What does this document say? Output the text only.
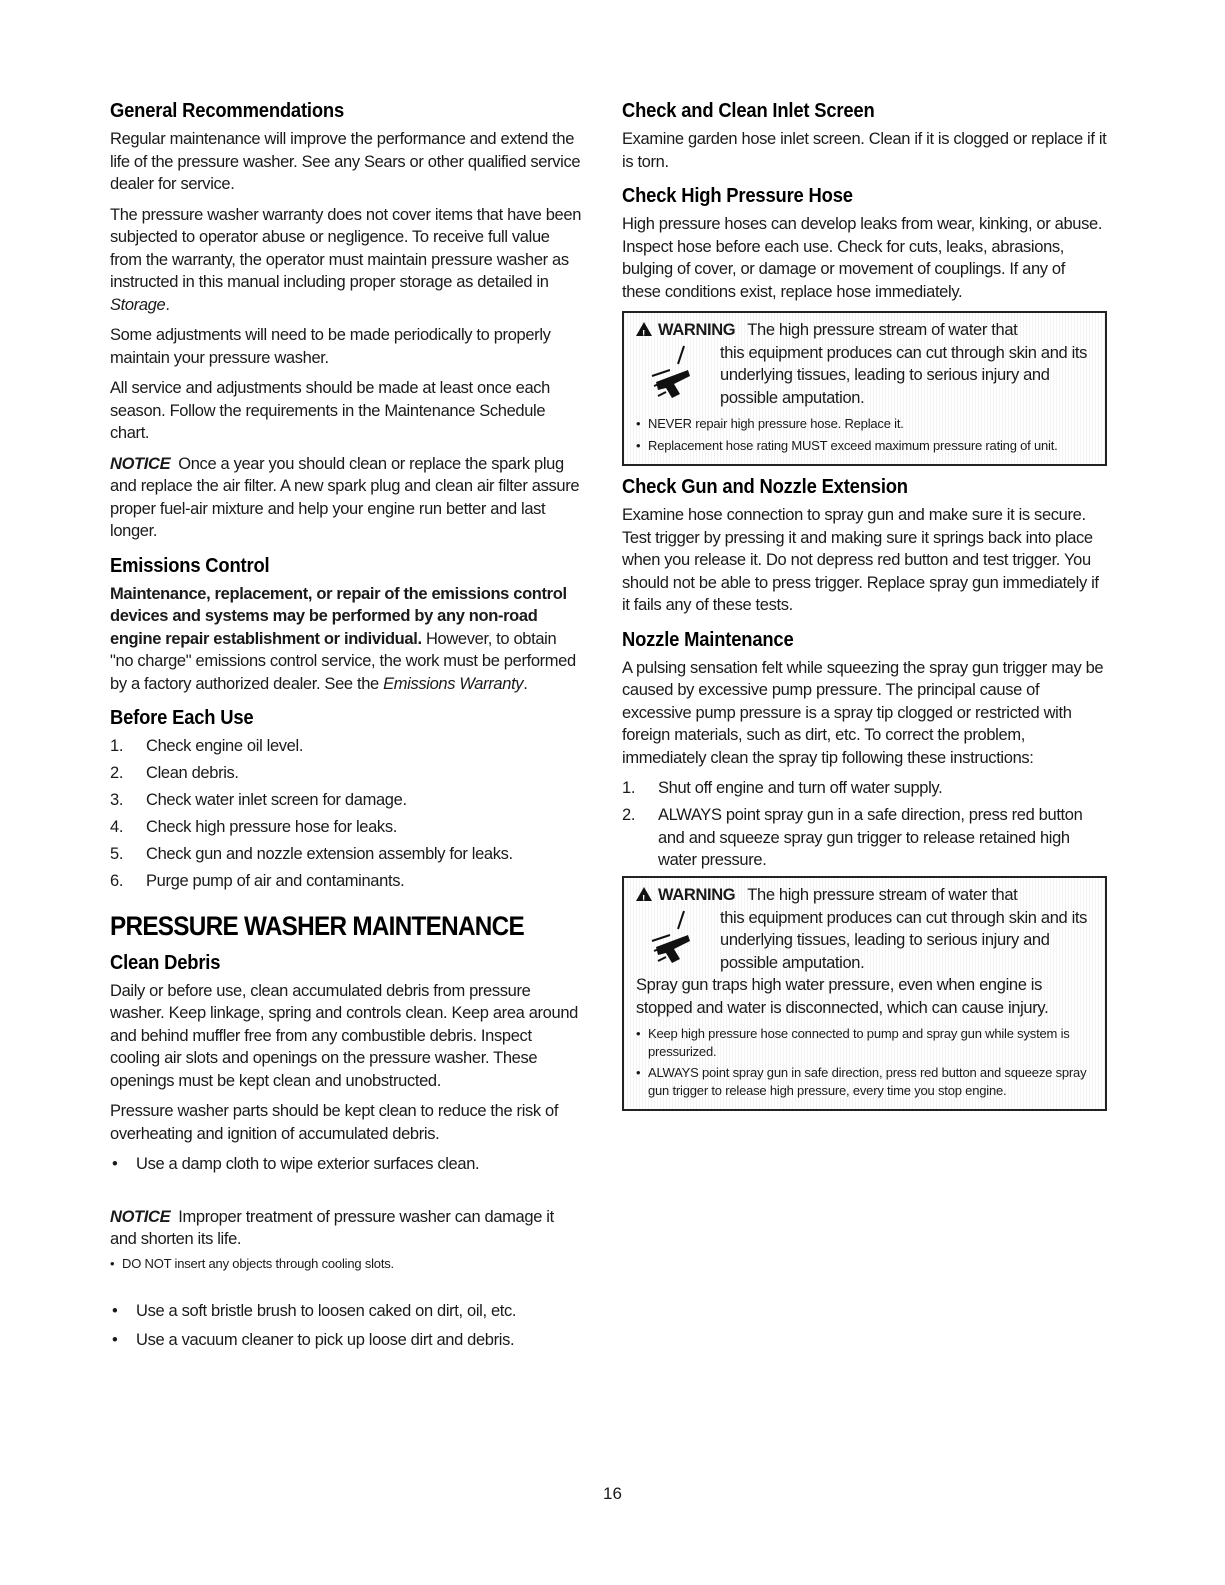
General Recommendations

Regular maintenance will improve the performance and extend the life of the pressure washer. See any Sears or other qualified service dealer for service.

The pressure washer warranty does not cover items that have been subjected to operator abuse or negligence. To receive full value from the warranty, the operator must maintain pressure washer as instructed in this manual including proper storage as detailed in Storage.

Some adjustments will need to be made periodically to properly maintain your pressure washer.

All service and adjustments should be made at least once each season. Follow the requirements in the Maintenance Schedule chart.

NOTICE Once a year you should clean or replace the spark plug and replace the air filter. A new spark plug and clean air filter assure proper fuel-air mixture and help your engine run better and last longer.

Emissions Control

Maintenance, replacement, or repair of the emissions control devices and systems may be performed by any non-road engine repair establishment or individual. However, to obtain "no charge" emissions control service, the work must be performed by a factory authorized dealer. See the Emissions Warranty.

Before Each Use
1. Check engine oil level.
2. Clean debris.
3. Check water inlet screen for damage.
4. Check high pressure hose for leaks.
5. Check gun and nozzle extension assembly for leaks.
6. Purge pump of air and contaminants.
PRESSURE WASHER MAINTENANCE
Clean Debris

Daily or before use, clean accumulated debris from pressure washer. Keep linkage, spring and controls clean. Keep area around and behind muffler free from any combustible debris. Inspect cooling air slots and openings on the pressure washer. These openings must be kept clean and unobstructed.

Pressure washer parts should be kept clean to reduce the risk of overheating and ignition of accumulated debris.

• Use a damp cloth to wipe exterior surfaces clean.

NOTICE Improper treatment of pressure washer can damage it and shorten its life.

• DO NOT insert any objects through cooling slots.
• Use a soft bristle brush to loosen caked on dirt, oil, etc.
• Use a vacuum cleaner to pick up loose dirt and debris.
Check and Clean Inlet Screen

Examine garden hose inlet screen. Clean if it is clogged or replace if it is torn.

Check High Pressure Hose

High pressure hoses can develop leaks from wear, kinking, or abuse. Inspect hose before each use. Check for cuts, leaks, abrasions, bulging of cover, or damage or movement of couplings. If any of these conditions exist, replace hose immediately.

!WARNING The high pressure stream of water that
this equipment produces can cut through skin and its underlying tissues, leading to serious injury and possible amputation.
• NEVER repair high pressure hose. Replace it.
• Replacement hose rating MUST exceed maximum pressure rating of unit.
Check Gun and Nozzle Extension

Examine hose connection to spray gun and make sure it is secure. Test trigger by pressing it and making sure it springs back into place when you release it. Do not depress red button and test trigger. You should not be able to press trigger. Replace spray gun immediately if it fails any of these tests.

Nozzle Maintenance

A pulsing sensation felt while squeezing the spray gun trigger may be caused by excessive pump pressure. The principal cause of excessive pump pressure is a spray tip clogged or restricted with foreign materials, such as dirt, etc. To correct the problem, immediately clean the spray tip following these instructions:

1. Shut off engine and turn off water supply.
2. ALWAYS point spray gun in a safe direction, press red button and and squeeze spray gun trigger to release retained high water pressure.
!WARNING The high pressure stream of water that
this equipment produces can cut through skin and its underlying tissues, leading to serious injury and possible amputation.
Spray gun traps high water pressure, even when engine is stopped and water is disconnected, which can cause injury.
• Keep high pressure hose connected to pump and spray gun while system is pressurized.
• ALWAYS point spray gun in safe direction, press red button and squeeze spray gun trigger to release high pressure, every time you stop engine.
16
